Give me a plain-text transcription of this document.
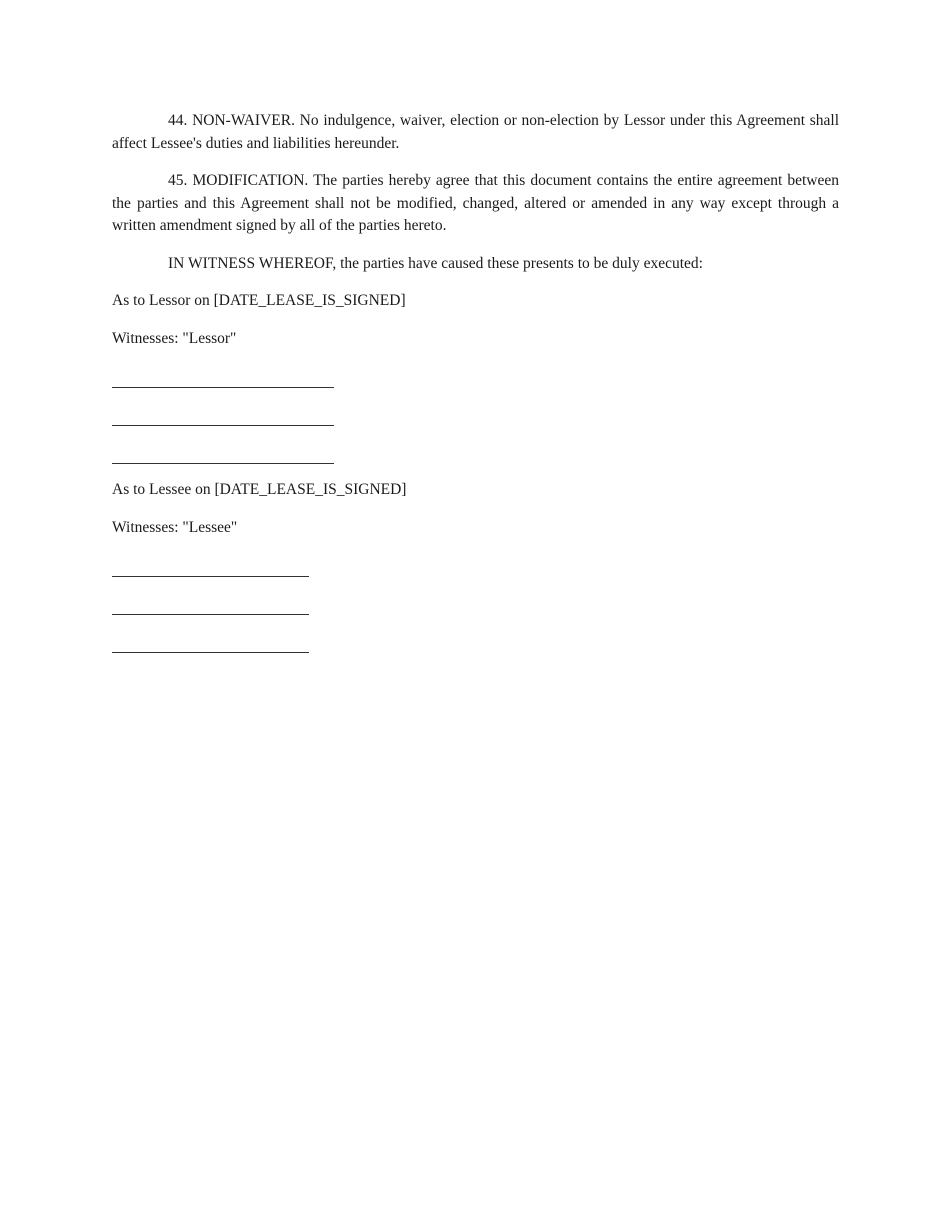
44. NON-WAIVER. No indulgence, waiver, election or non-election by Lessor under this Agreement shall affect Lessee's duties and liabilities hereunder.

45. MODIFICATION. The parties hereby agree that this document contains the entire agreement between the parties and this Agreement shall not be modified, changed, altered or amended in any way except through a written amendment signed by all of the parties hereto.

IN WITNESS WHEREOF, the parties have caused these presents to be duly executed:

As to Lessor on [DATE_LEASE_IS_SIGNED]

Witnesses: "Lessor"

As to Lessee on [DATE_LEASE_IS_SIGNED]

Witnesses: "Lessee"
